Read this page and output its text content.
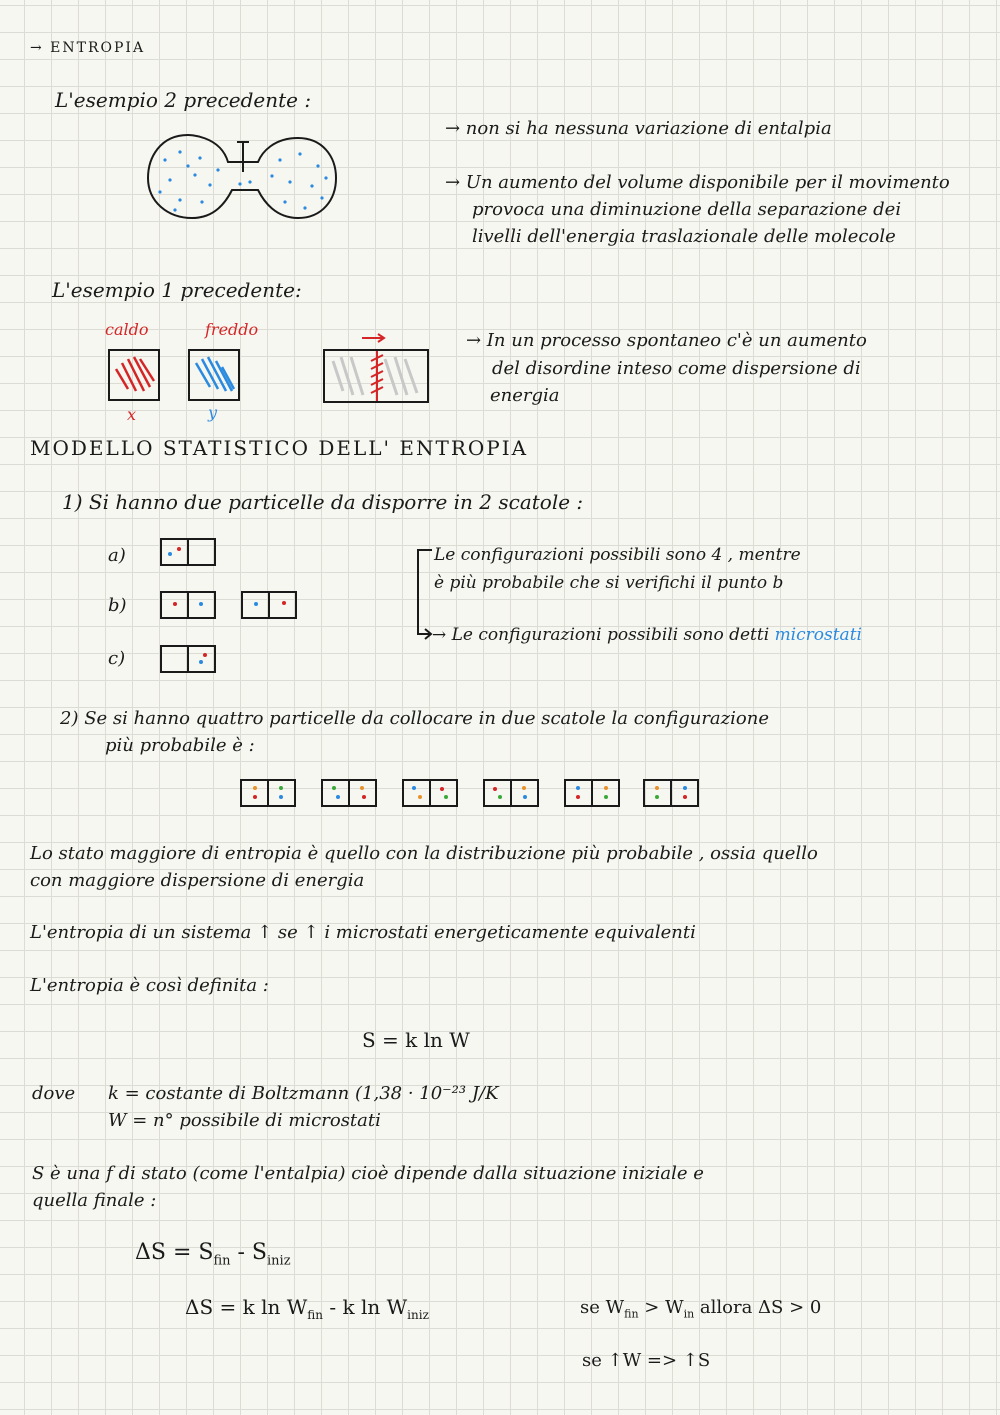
→ ENTROPIA
L'esempio 2 precedente :
→ non si ha nessuna variazione di entalpia
→ Un aumento del volume disponibile per il movimento
provoca una diminuzione della separazione dei
livelli dell'energia traslazionale delle molecole
L'esempio 1 precedente:
caldo	freddo
x	y
→ In un processo spontaneo c'è un aumento
del disordine inteso come dispersione di
energia
MODELLO STATISTICO DELL' ENTROPIA
1) Si hanno due particelle da disporre in 2 scatole :
a)
b)
c)
Le configurazioni possibili sono 4 , mentre
è più probabile che si verifichi il punto b
→ Le configurazioni possibili sono detti microstati
2) Se si hanno quattro particelle da collocare in due scatole la configurazione
più probabile è :
Lo stato maggiore di entropia è quello con la distribuzione più probabile , ossia quello
con maggiore dispersione di energia
L'entropia di un sistema ↑ se ↑ i microstati energeticamente equivalenti
L'entropia è così definita :
S = k ln W
dove k = costante di Boltzmann (1,38 · 10⁻²³ J/K
W = n° possibile di microstati
S è una f di stato (come l'entalpia) cioè dipende dalla situazione iniziale e
quella finale :
$\Delta S = S_{fin} - S_{iniz}$
ΔS = k $\ln W_{fin}$ - k $\ln W_{iniz}$	se $W_{fin} > W_{in}$ allora ΔS > 0
se ↑W => ↑S
